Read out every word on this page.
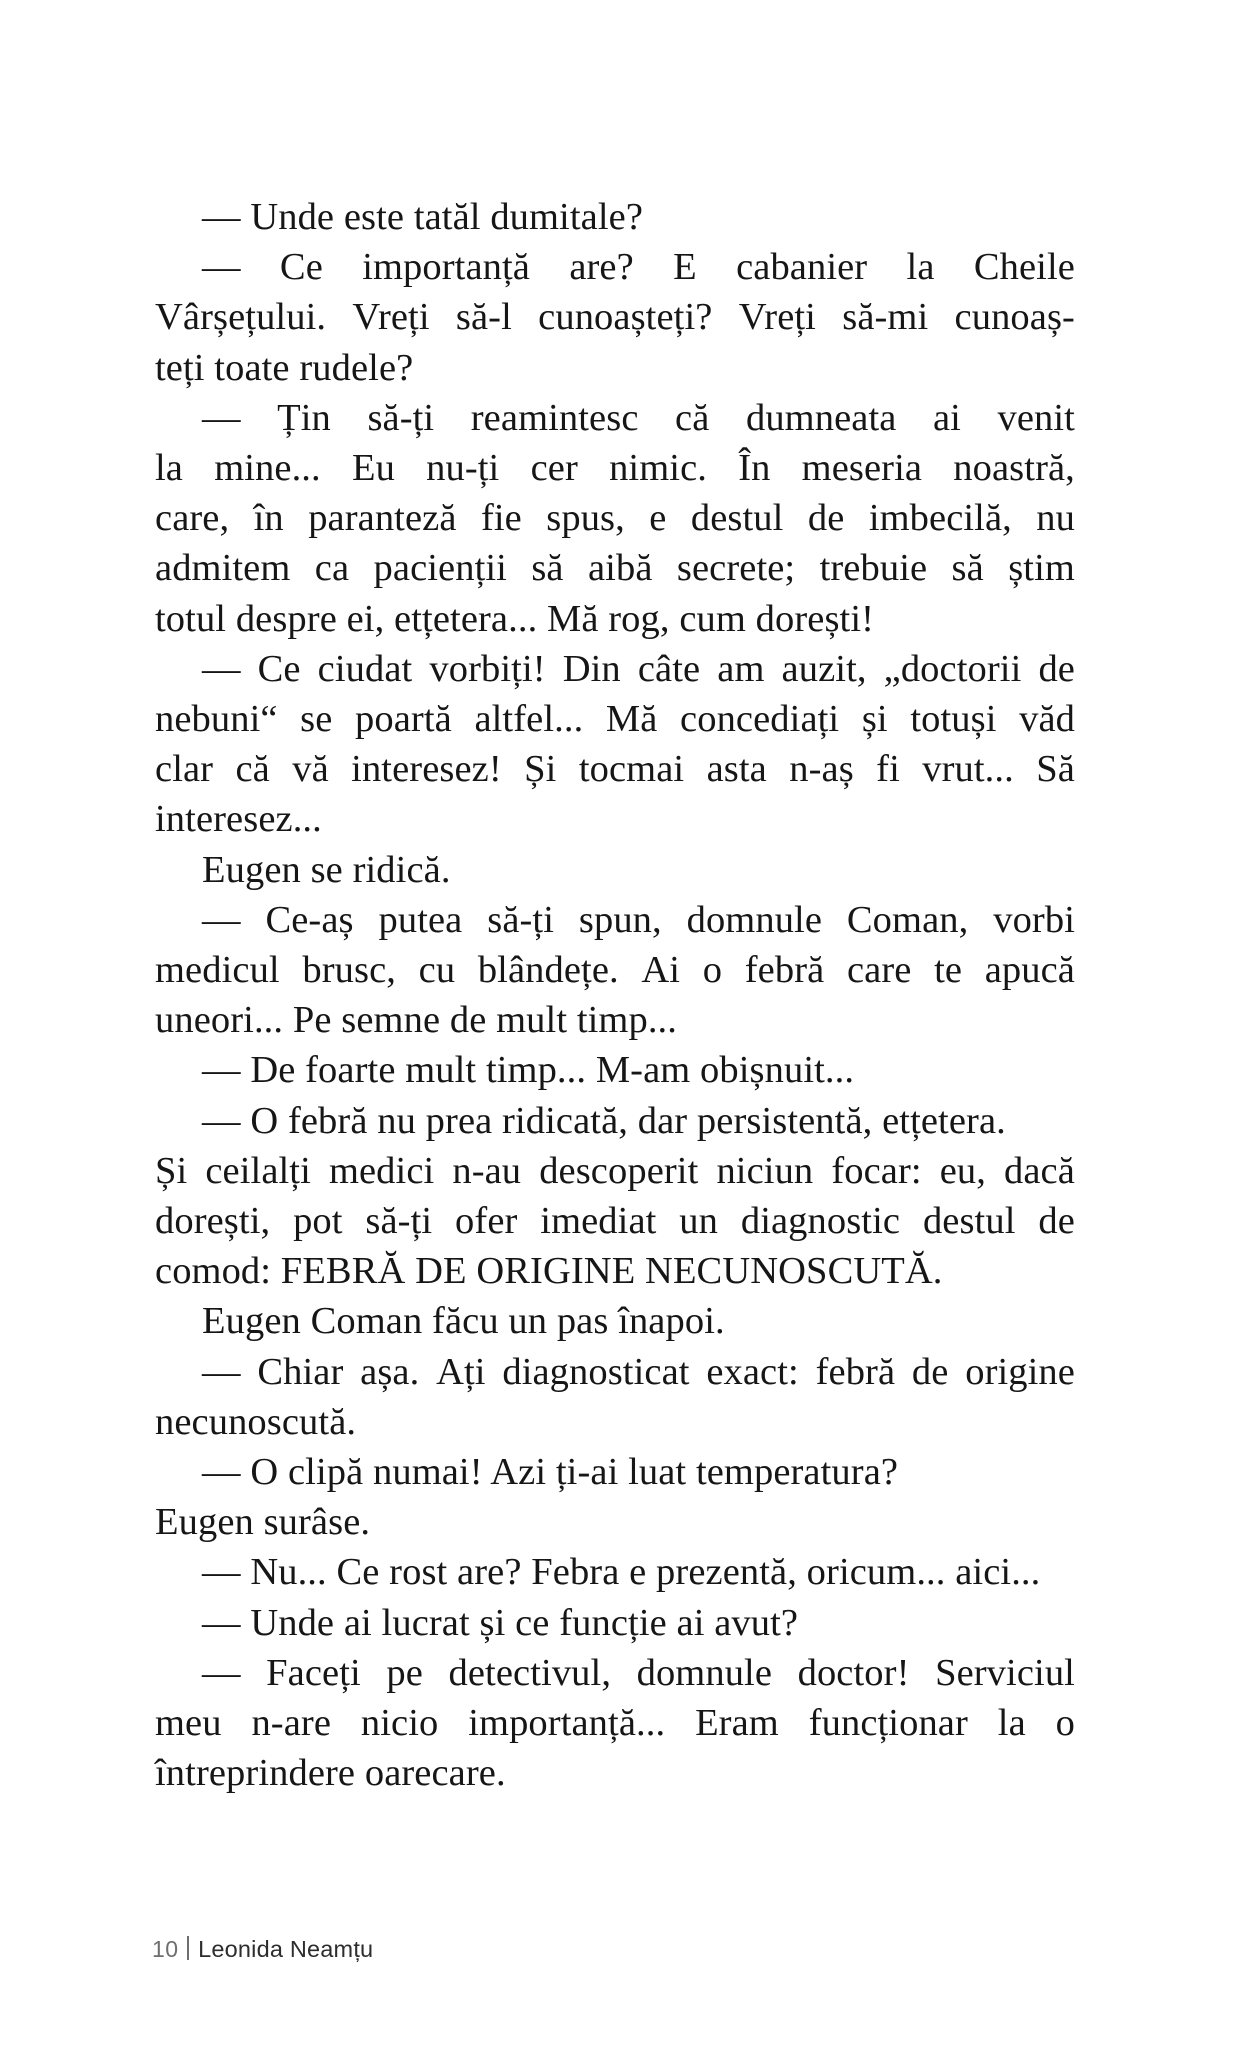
— Unde este tatăl dumitale?
— Ce importanță are? E cabanier la Cheile
Vârșețului. Vreți să-l cunoașteți? Vreți să-mi cunoaș-
teți toate rudele?
— Țin să-ți reamintesc că dumneata ai venit
la mine... Eu nu-ți cer nimic. În meseria noastră,
care, în paranteză fie spus, e destul de imbecilă, nu
admitem ca pacienții să aibă secrete; trebuie să știm
totul despre ei, etțetera... Mă rog, cum dorești!
— Ce ciudat vorbiți! Din câte am auzit, „doctorii de
nebuni“ se poartă altfel... Mă concediați și totuși văd
clar că vă interesez! Și tocmai asta n-aș fi vrut... Să
interesez...
Eugen se ridică.
— Ce-aș putea să-ți spun, domnule Coman, vorbi
medicul brusc, cu blândețe. Ai o febră care te apucă
uneori... Pe semne de mult timp...
— De foarte mult timp... M-am obișnuit...
— O febră nu prea ridicată, dar persistentă, etțetera.
Și ceilalți medici n-au descoperit niciun focar: eu, dacă
dorești, pot să-ți ofer imediat un diagnostic destul de
comod: FEBRĂ DE ORIGINE NECUNOSCUTĂ.
Eugen Coman făcu un pas înapoi.
— Chiar așa. Ați diagnosticat exact: febră de origine
necunoscută.
— O clipă numai! Azi ți-ai luat temperatura?
Eugen surâse.
— Nu... Ce rost are? Febra e prezentă, oricum... aici...
— Unde ai lucrat și ce funcție ai avut?
— Faceți pe detectivul, domnule doctor! Serviciul
meu n-are nicio importanță... Eram funcționar la o
întreprindere oarecare.
10 Leonida Neamțu
